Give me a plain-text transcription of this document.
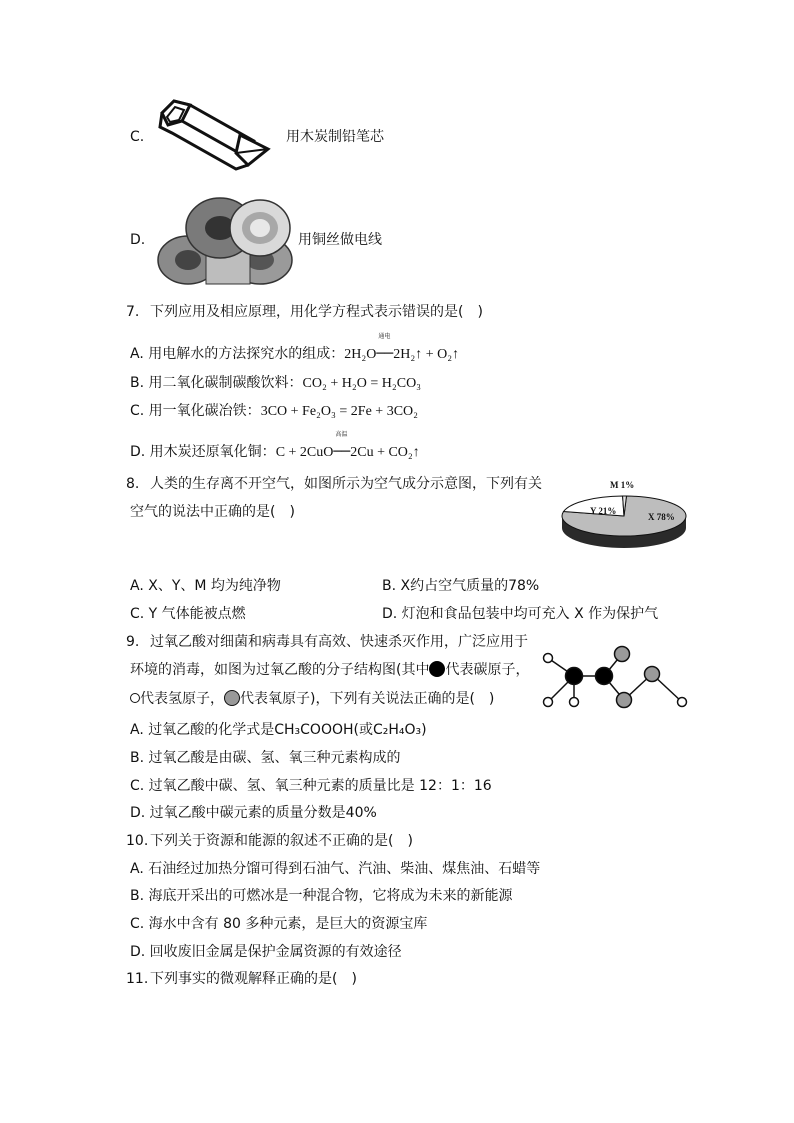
C.	用木炭制铅笔芯
D.	用铜丝做电线
7. 下列应用及相应原理，用化学方程式表示错误的是(　)
A. 用电解水的方法探究水的组成：2H₂O
通电
──2H₂↑ + O₂↑
B. 用二氧化碳制碳酸饮料：CO₂ + H₂O = H₂CO₃
C. 用一氧化碳冶铁：3CO + Fe₂O₃ = 2Fe + 3CO₂
D. 用木炭还原氧化铜：C + 2CuO
高温
──2Cu + CO₂↑
8. 人类的生存离不开空气，如图所示为空气成分示意图，下列有关
空气的说法中正确的是(　)	X 78%
Y 21%
M 1%
A. X、Y、M 均为纯净物	B. X约占空气质量的78%
C. Y 气体能被点燃	D. 灯泡和食品包装中均可充入 X 作为保护气
9. 过氧乙酸对细菌和病毒具有高效、快速杀灭作用，广泛应用于
环境的消毒，如图为过氧乙酸的分子结构图(其中 代表碳原子，
代表氢原子， 代表氧原子)，下列有关说法正确的是(　)
A. 过氧乙酸的化学式是CH₃COOOH(或C₂H₄O₃)
B. 过氧乙酸是由碳、氢、氧三种元素构成的
C. 过氧乙酸中碳、氢、氧三种元素的质量比是 12：1：16
D. 过氧乙酸中碳元素的质量分数是40%
10. 下列关于资源和能源的叙述不正确的是(　)
A. 石油经过加热分馏可得到石油气、汽油、柴油、煤焦油、石蜡等
B. 海底开采出的可燃冰是一种混合物，它将成为未来的新能源
C. 海水中含有 80 多种元素，是巨大的资源宝库
D. 回收废旧金属是保护金属资源的有效途径
11. 下列事实的微观解释正确的是(　)
